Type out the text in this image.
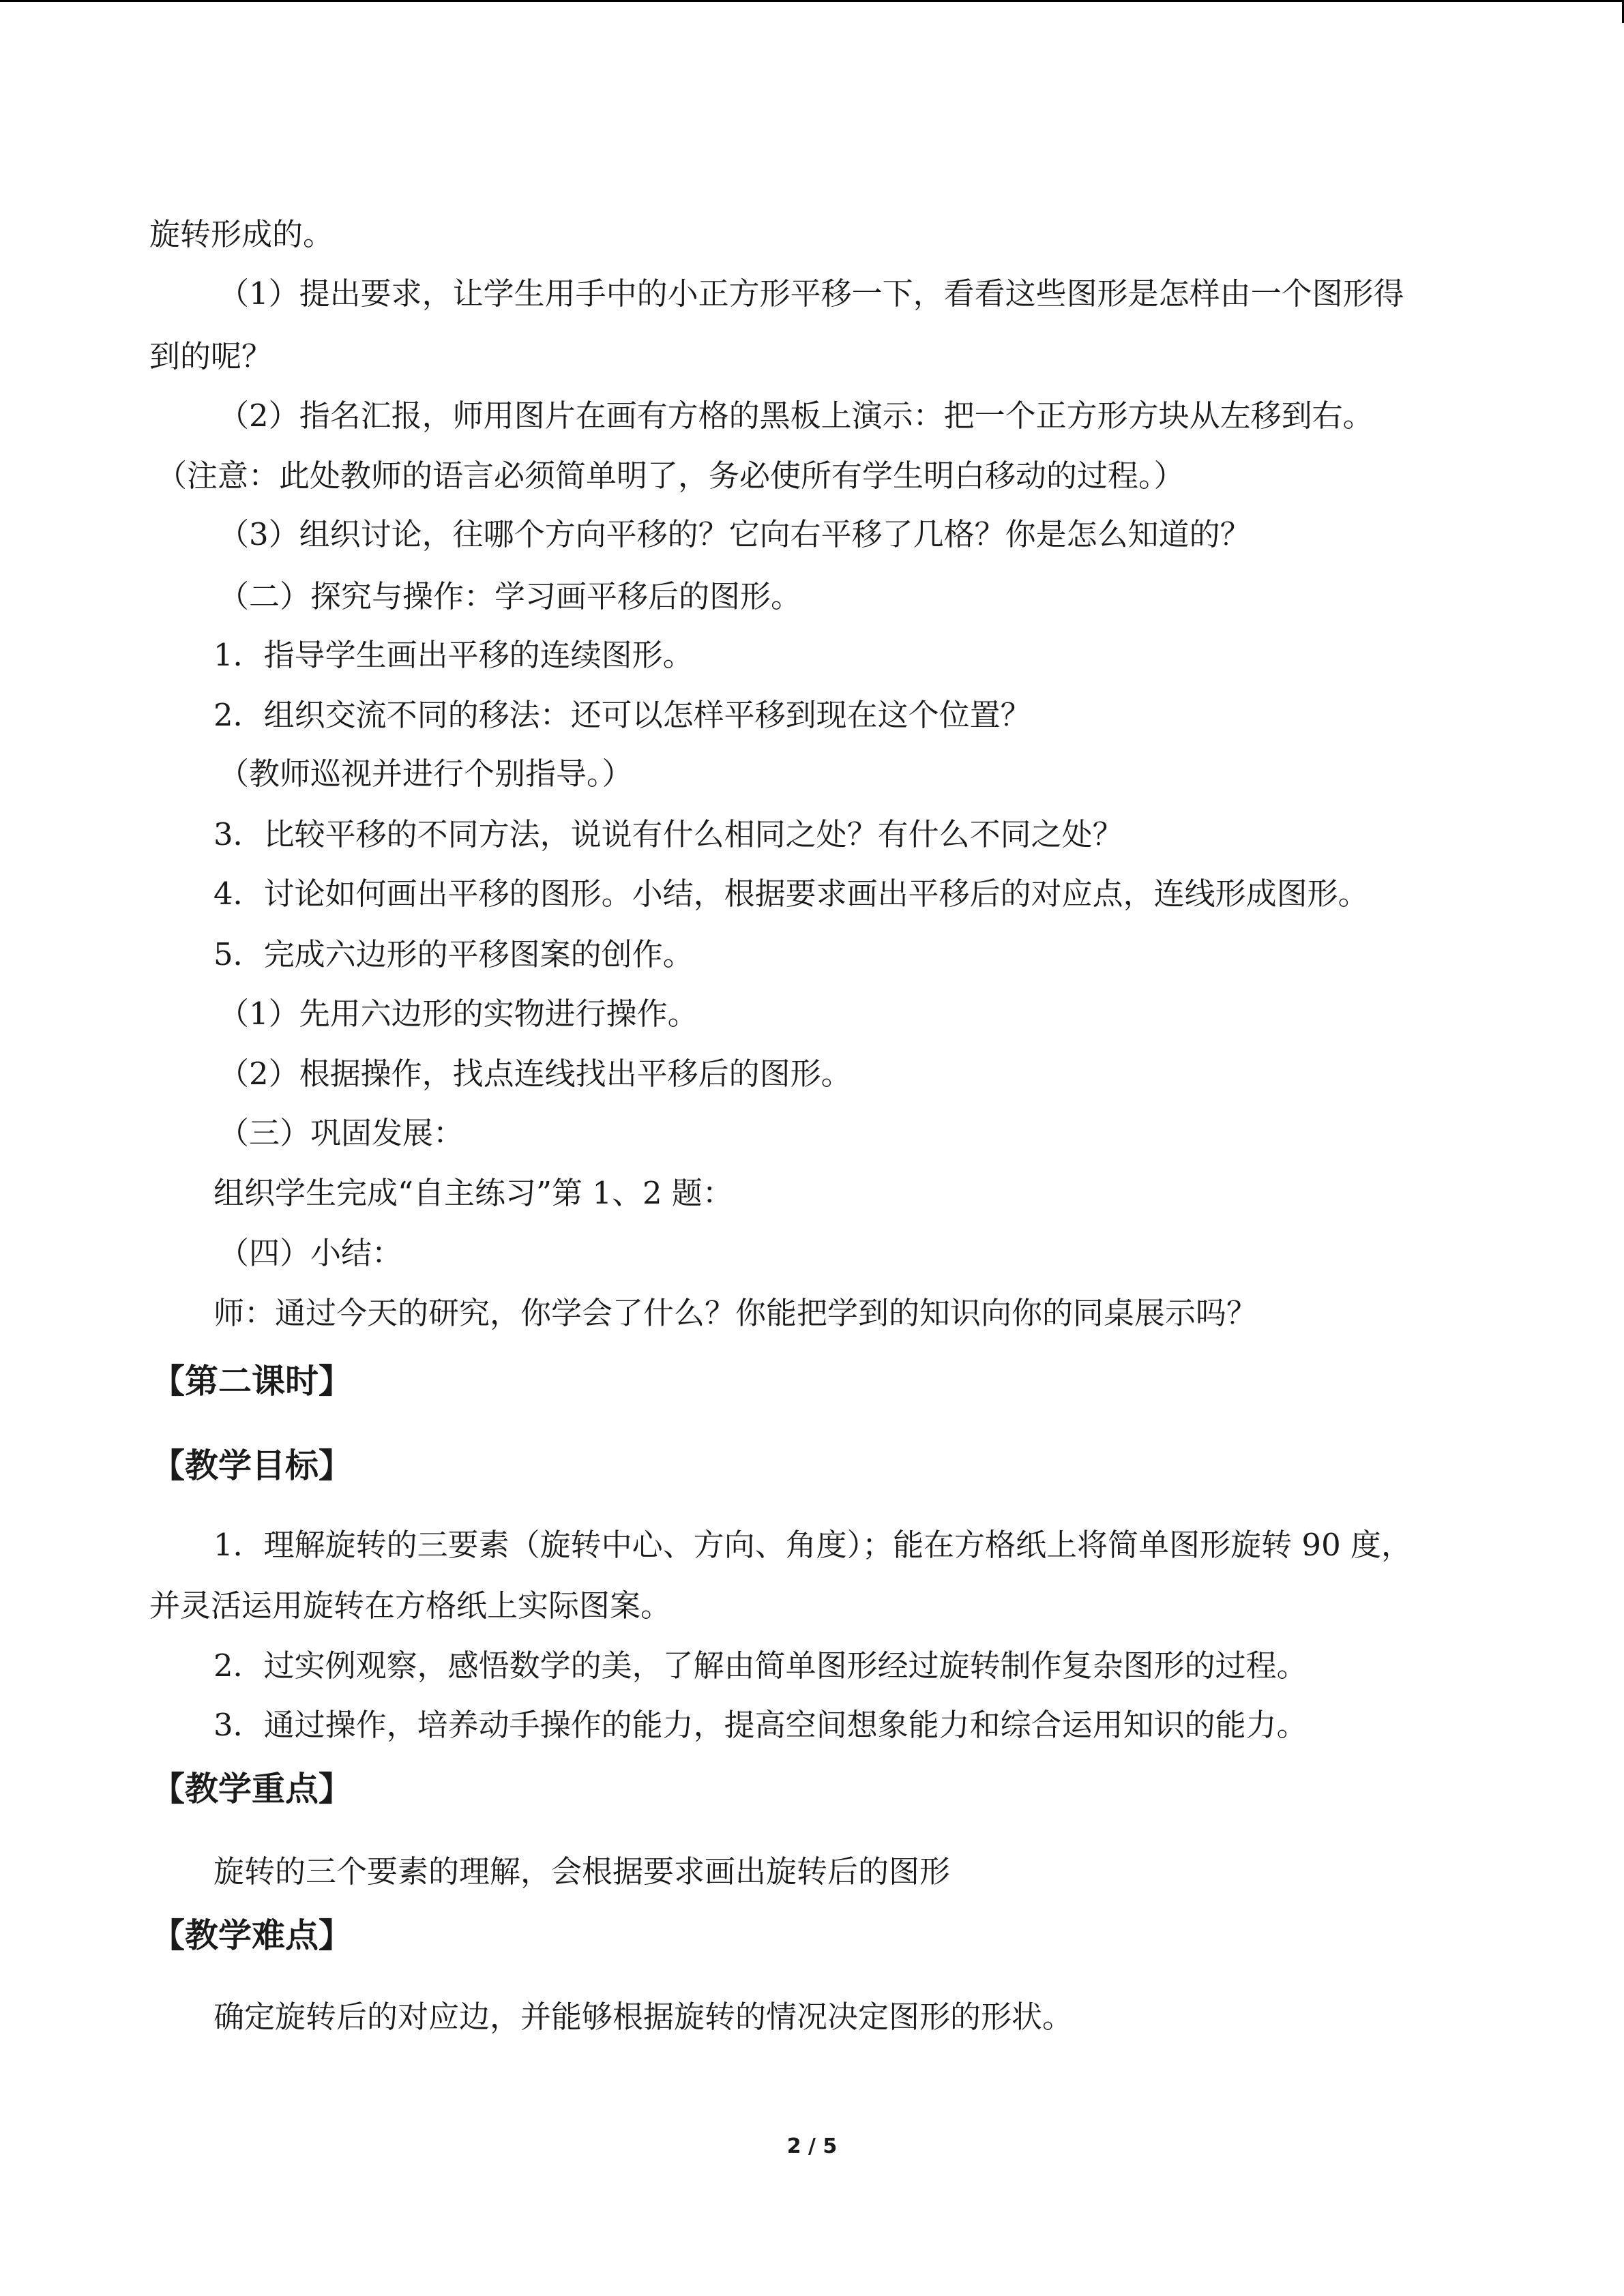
旋转形成的。
（1）提出要求，让学生用手中的小正方形平移一下，看看这些图形是怎样由一个图形得
到的呢？
（2）指名汇报，师用图片在画有方格的黑板上演示：把一个正方形方块从左移到右。
（注意：此处教师的语言必须简单明了，务必使所有学生明白移动的过程。）
（3）组织讨论，往哪个方向平移的？它向右平移了几格？你是怎么知道的？
（二）探究与操作：学习画平移后的图形。
1．指导学生画出平移的连续图形。
2．组织交流不同的移法：还可以怎样平移到现在这个位置？
（教师巡视并进行个别指导。）
3．比较平移的不同方法，说说有什么相同之处？有什么不同之处？
4．讨论如何画出平移的图形。小结，根据要求画出平移后的对应点，连线形成图形。
5．完成六边形的平移图案的创作。
（1）先用六边形的实物进行操作。
（2）根据操作，找点连线找出平移后的图形。
（三）巩固发展：
组织学生完成“自主练习”第 1、2 题：
（四）小结：
师：通过今天的研究，你学会了什么？你能把学到的知识向你的同桌展示吗？
【第二课时】
【教学目标】
1．理解旋转的三要素（旋转中心、方向、角度）；能在方格纸上将简单图形旋转 90 度，
并灵活运用旋转在方格纸上实际图案。
2．过实例观察，感悟数学的美，了解由简单图形经过旋转制作复杂图形的过程。
3．通过操作，培养动手操作的能力，提高空间想象能力和综合运用知识的能力。
【教学重点】
旋转的三个要素的理解，会根据要求画出旋转后的图形
【教学难点】
确定旋转后的对应边，并能够根据旋转的情况决定图形的形状。
2 / 5
